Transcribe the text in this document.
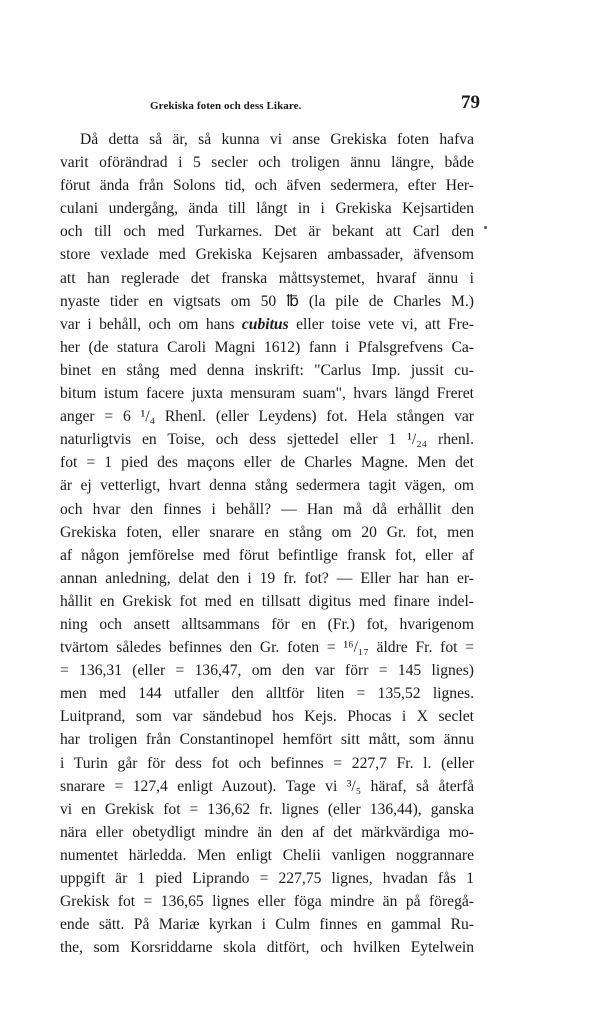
Grekiska foten och dess Likare.	79
Då detta så är, så kunna vi anse Grekiska foten hafva
varit oförändrad i 5 secler och troligen ännu längre, både
förut ända från Solons tid, och äfven sedermera, efter Her-
culani undergång, ända till långt in i Grekiska Kejsartiden
och till och med Turkarnes. Det är bekant att Carl den
store vexlade med Grekiska Kejsaren ambassader, äfvensom
att han reglerade det franska måttsystemet, hvaraf ännu i
nyaste tider en vigtsats om 50 ℔ (la pile de Charles M.)
var i behåll, och om hans cubitus eller toise vete vi, att Fre-
her (de statura Caroli Magni 1612) fann i Pfalsgrefvens Ca-
binet en stång med denna inskrift: "Carlus Imp. jussit cu-
bitum istum facere juxta mensuram suam", hvars längd Freret
anger = 6 ¹/₄ Rhenl. (eller Leydens) fot. Hela stången var
naturligtvis en Toise, och dess sjettedel eller 1 ¹/₂₄ rhenl.
fot = 1 pied des maçons eller de Charles Magne. Men det
är ej vetterligt, hvart denna stång sedermera tagit vägen, om
och hvar den finnes i behåll? — Han må då erhållit den
Grekiska foten, eller snarare en stång om 20 Gr. fot, men
af någon jemförelse med förut befintlige fransk fot, eller af
annan anledning, delat den i 19 fr. fot? — Eller har han er-
hållit en Grekisk fot med en tillsatt digitus med finare indel-
ning och ansett alltsammans för en (Fr.) fot, hvarigenom
tvärtom således befinnes den Gr. foten = ¹⁶/₁₇ äldre Fr. fot =
= 136,31 (eller = 136,47, om den var förr = 145 lignes)
men med 144 utfaller den alltför liten = 135,52 lignes.
Luitprand, som var sändebud hos Kejs. Phocas i X seclet
har troligen från Constantinopel hemfört sitt mått, som ännu
i Turin går för dess fot och befinnes = 227,7 Fr. l. (eller
snarare = 127,4 enligt Auzout). Tage vi ³/₅ häraf, så återfå
vi en Grekisk fot = 136,62 fr. lignes (eller 136,44), ganska
nära eller obetydligt mindre än den af det märkvärdiga mo-
numentet härledda. Men enligt Chelii vanligen noggrannare
uppgift är 1 pied Liprando = 227,75 lignes, hvadan fås 1
Grekisk fot = 136,65 lignes eller föga mindre än på föregå-
ende sätt. På Mariæ kyrkan i Culm finnes en gammal Ru-
the, som Korsriddarne skola ditfört, och hvilken Eytelwein
